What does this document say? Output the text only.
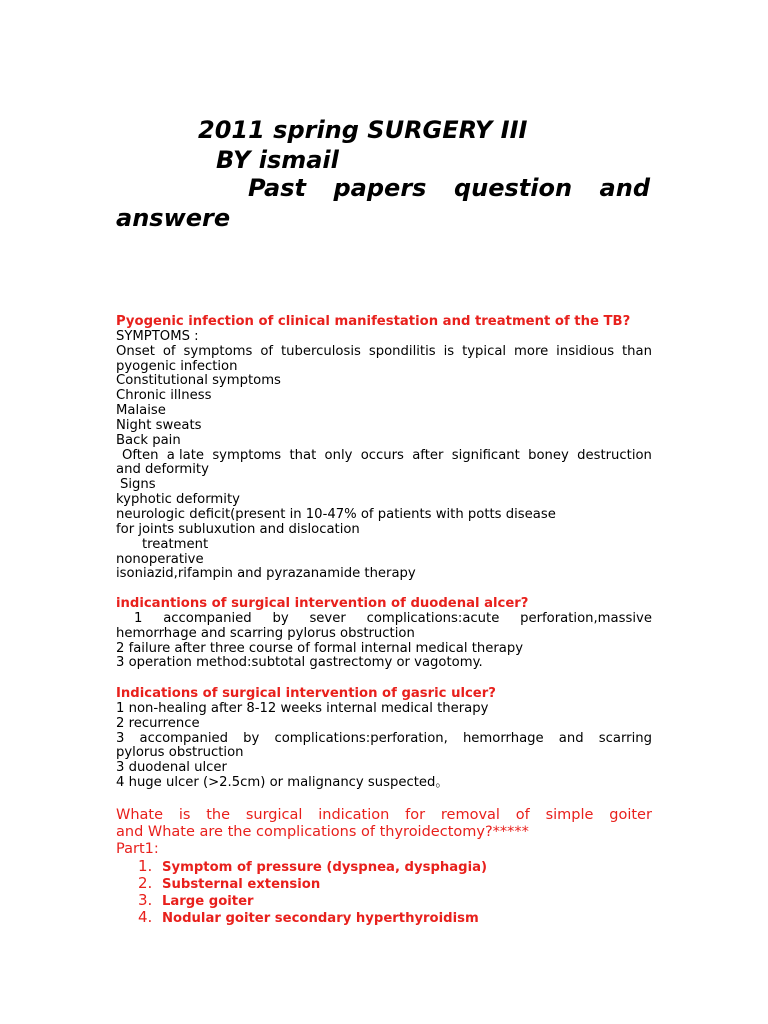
2011 spring SURGERY III
BY ismail
Past papers question and
answere
Pyogenic infection of clinical manifestation and treatment of the TB?
SYMPTOMS :
Onset of symptoms of tuberculosis spondilitis is typical more insidious than
pyogenic infection
Constitutional symptoms
Chronic illness
Malaise
Night sweats
Back pain
Often a late symptoms that only occurs after significant boney destruction
and deformity
Signs
kyphotic deformity
neurologic deficit(present in 10-47% of patients with potts disease
for joints subluxution and dislocation
treatment
nonoperative
isoniazid,rifampin and pyrazanamide therapy
indicantions of surgical intervention of duodenal alcer?
1 accompanied by sever complications:acute perforation,massive
hemorrhage and scarring pylorus obstruction
2 failure after three course of formal internal medical therapy
3 operation method:subtotal gastrectomy or vagotomy.
Indications of surgical intervention of gasric ulcer?
1 non-healing after 8-12 weeks internal medical therapy
2 recurrence
3 accompanied by complications:perforation, hemorrhage and scarring
pylorus obstruction
3 duodenal ulcer
4 huge ulcer (>2.5cm) or malignancy suspected。
Whate is the surgical indication for removal of simple goiter
and Whate are the complications of thyroidectomy?*****
Part1:
1. Symptom of pressure (dyspnea, dysphagia)
2. Substernal extension
3. Large goiter
4. Nodular goiter secondary hyperthyroidism
